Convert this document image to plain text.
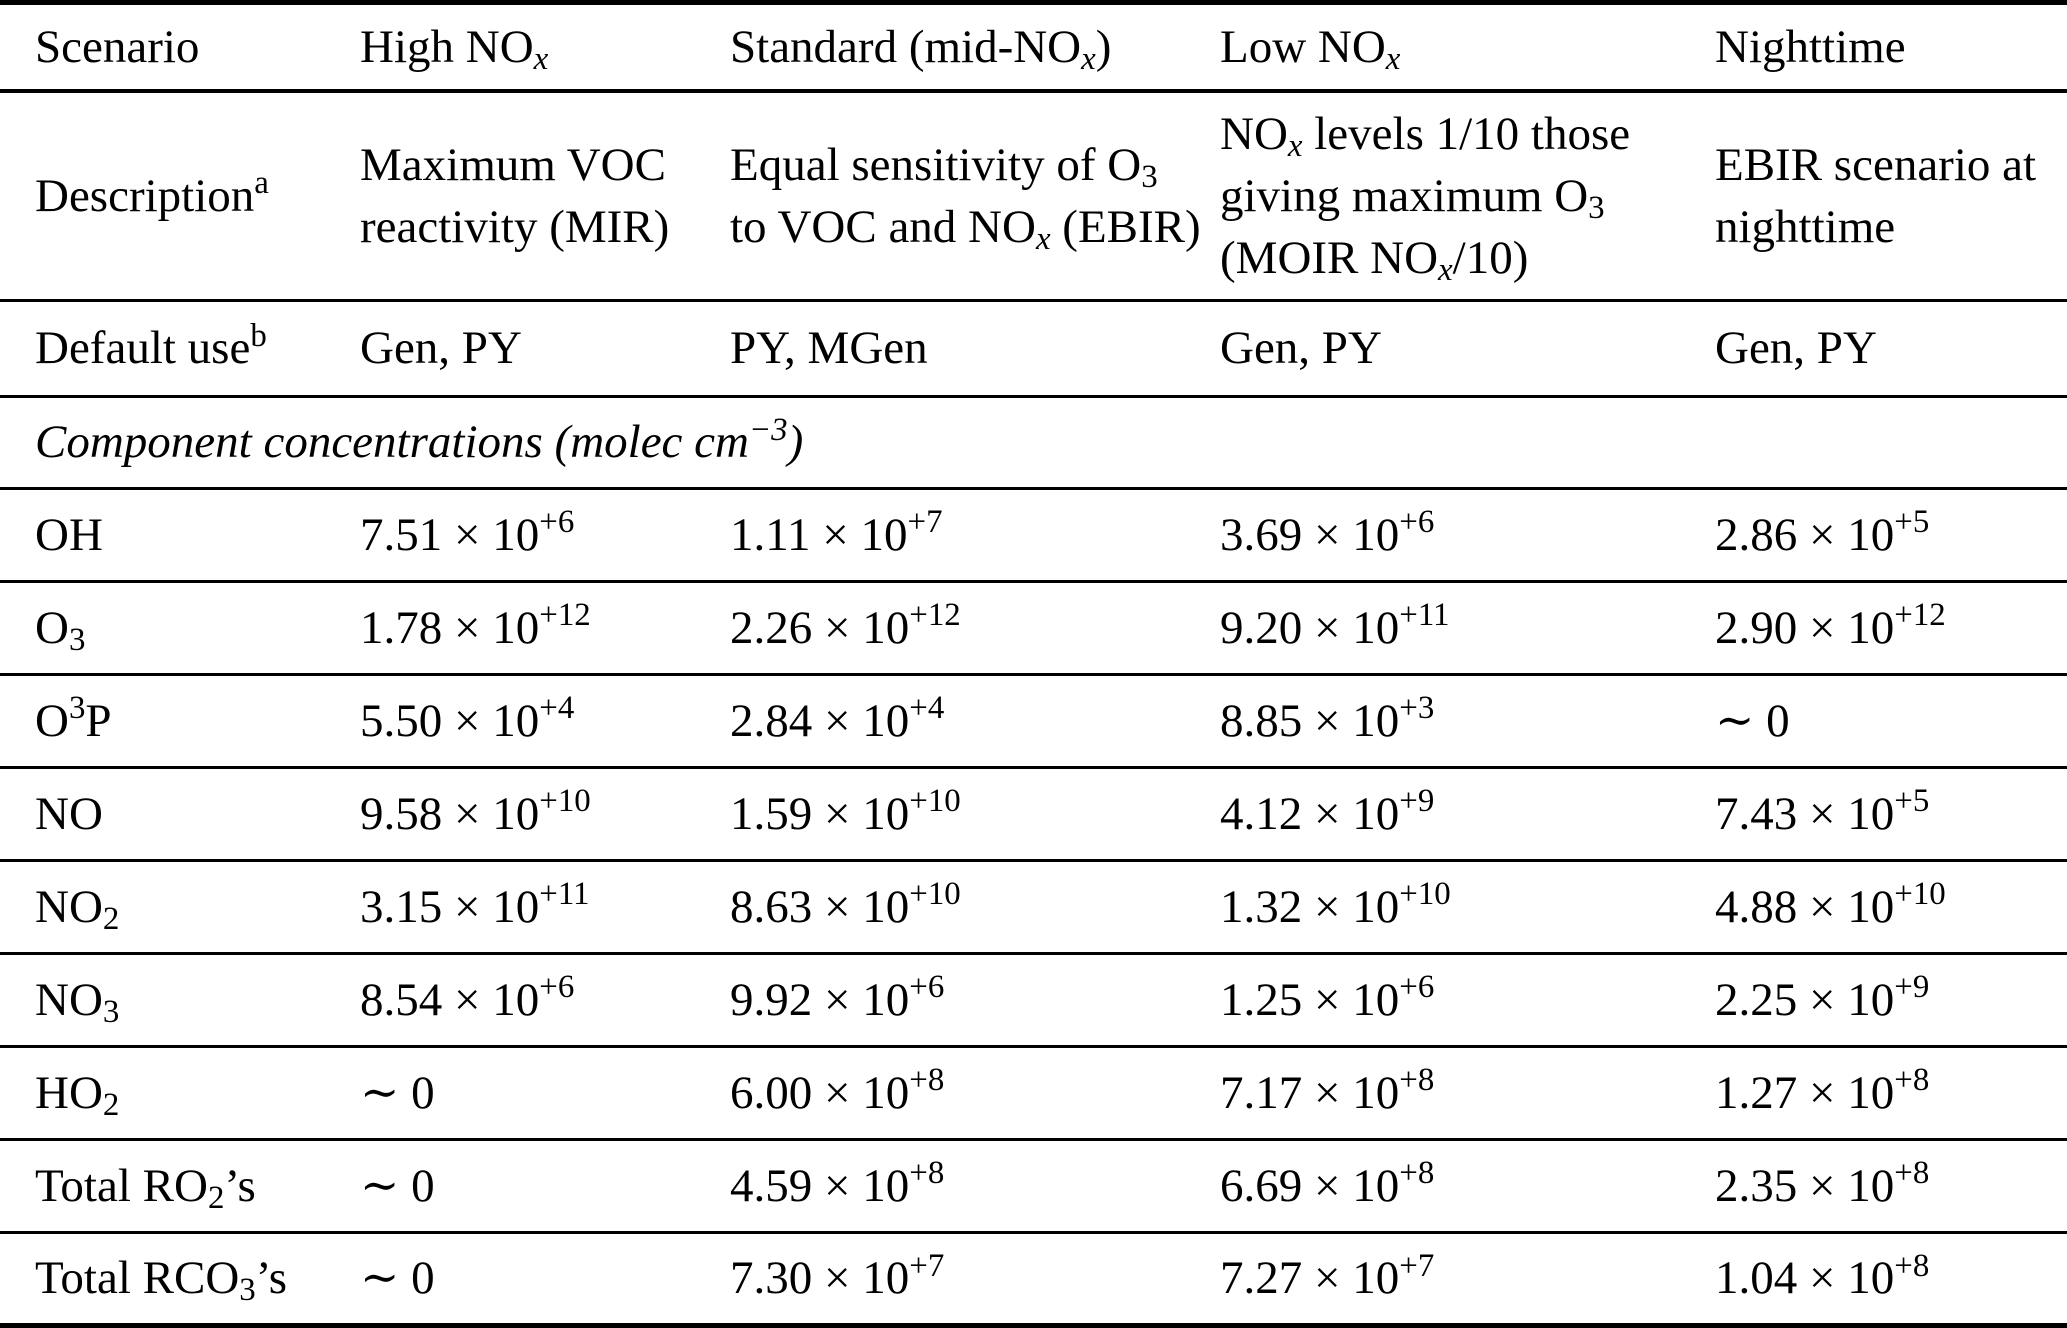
Scenario	High $NO_x$	Standard $(mid-NO_x)$	Low $NO_x$	Nighttime
Description$^a$	Maximum VOC reactivity (MIR)	Equal sensitivity of $O_3$ to VOC and $NO_x$ (EBIR)	$NO_x$ levels 1/10 those giving maximum $O_3$ (MOIR $NO_x/10$)	EBIR scenario at nighttime
Default use$^b$	Gen, PY	PY, MGen	Gen, PY	Gen, PY
Component concentrations (molec $cm^{-3}$)				
OH	$7.51 \times 10^{+6}$	$1.11 \times 10^{+7}$	$3.69 \times 10^{+6}$	$2.86 \times 10^{+5}$
$O_3$	$1.78 \times 10^{+12}$	$2.26 \times 10^{+12}$	$9.20 \times 10^{+11}$	$2.90 \times 10^{+12}$
$O^3P$	$5.50 \times 10^{+4}$	$2.84 \times 10^{+4}$	$8.85 \times 10^{+3}$	∼ 0
NO	$9.58 \times 10^{+10}$	$1.59 \times 10^{+10}$	$4.12 \times 10^{+9}$	$7.43 \times 10^{+5}$
$NO_2$	$3.15 \times 10^{+11}$	$8.63 \times 10^{+10}$	$1.32 \times 10^{+10}$	$4.88 \times 10^{+10}$
$NO_3$	$8.54 \times 10^{+6}$	$9.92 \times 10^{+6}$	$1.25 \times 10^{+6}$	$2.25 \times 10^{+9}$
$HO_2$	∼ 0	$6.00 \times 10^{+8}$	$7.17 \times 10^{+8}$	$1.27 \times 10^{+8}$
Total $RO_2’s$	∼ 0	$4.59 \times 10^{+8}$	$6.69 \times 10^{+8}$	$2.35 \times 10^{+8}$
Total $RCO_3’s$	∼ 0	$7.30 \times 10^{+7}$	$7.27 \times 10^{+7}$	$1.04 \times 10^{+8}$
